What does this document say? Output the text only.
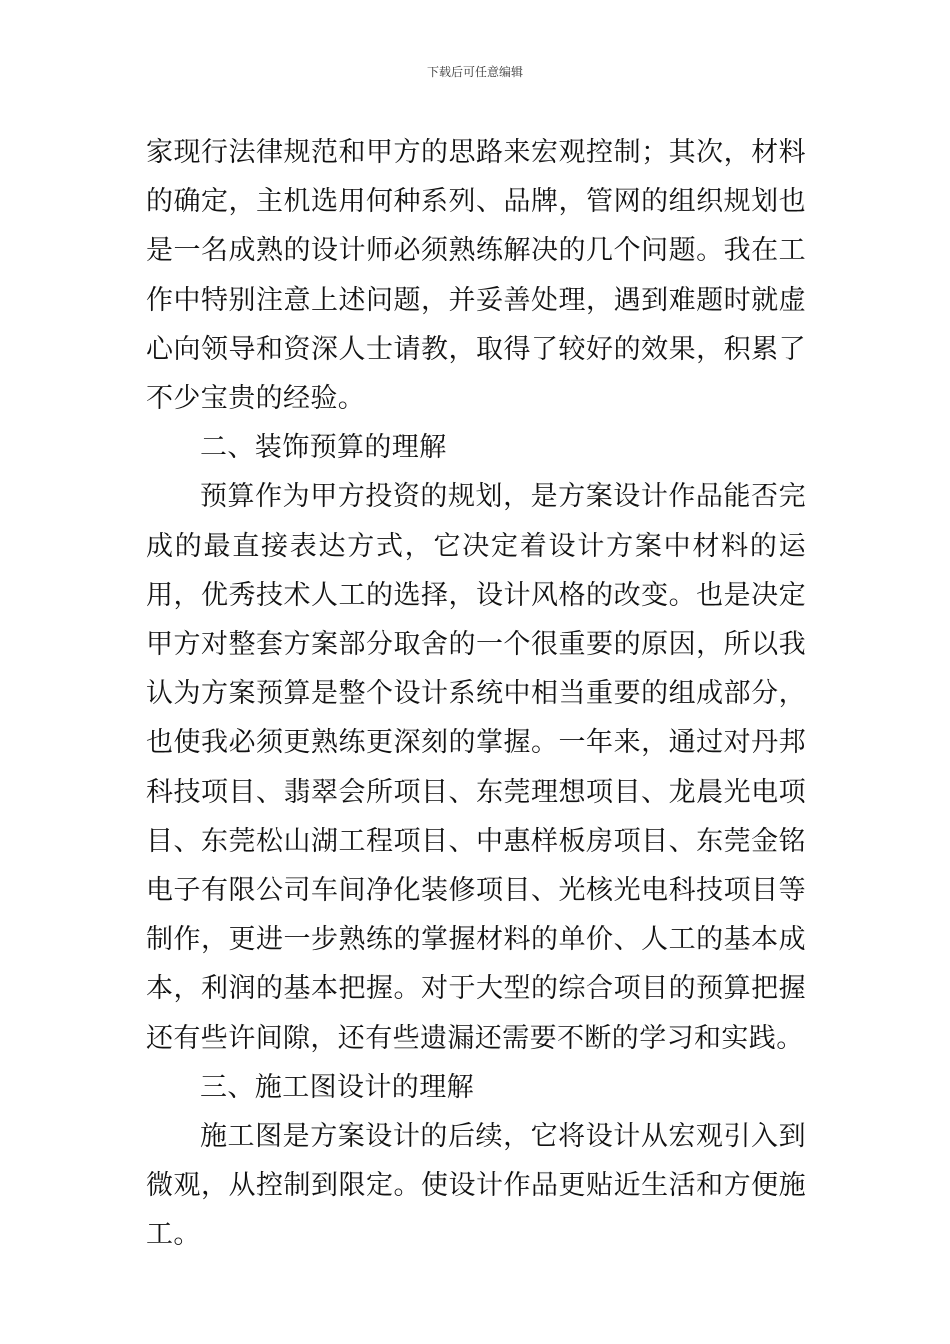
下载后可任意编辑

家现行法律规范和甲方的思路来宏观控制；其次，材料的确定，主机选用何种系列、品牌，管网的组织规划也是一名成熟的设计师必须熟练解决的几个问题。我在工作中特别注意上述问题，并妥善处理，遇到难题时就虚心向领导和资深人士请教，取得了较好的效果，积累了不少宝贵的经验。

二、装饰预算的理解

预算作为甲方投资的规划，是方案设计作品能否完成的最直接表达方式，它决定着设计方案中材料的运用，优秀技术人工的选择，设计风格的改变。也是决定甲方对整套方案部分取舍的一个很重要的原因，所以我认为方案预算是整个设计系统中相当重要的组成部分，也使我必须更熟练更深刻的掌握。一年来，通过对丹邦科技项目、翡翠会所项目、东莞理想项目、龙晨光电项目、东莞松山湖工程项目、中惠样板房项目、东莞金铭电子有限公司车间净化装修项目、光核光电科技项目等制作，更进一步熟练的掌握材料的单价、人工的基本成本，利润的基本把握。对于大型的综合项目的预算把握还有些许间隙，还有些遗漏还需要不断的学习和实践。

三、施工图设计的理解

施工图是方案设计的后续，它将设计从宏观引入到微观，从控制到限定。使设计作品更贴近生活和方便施工。
